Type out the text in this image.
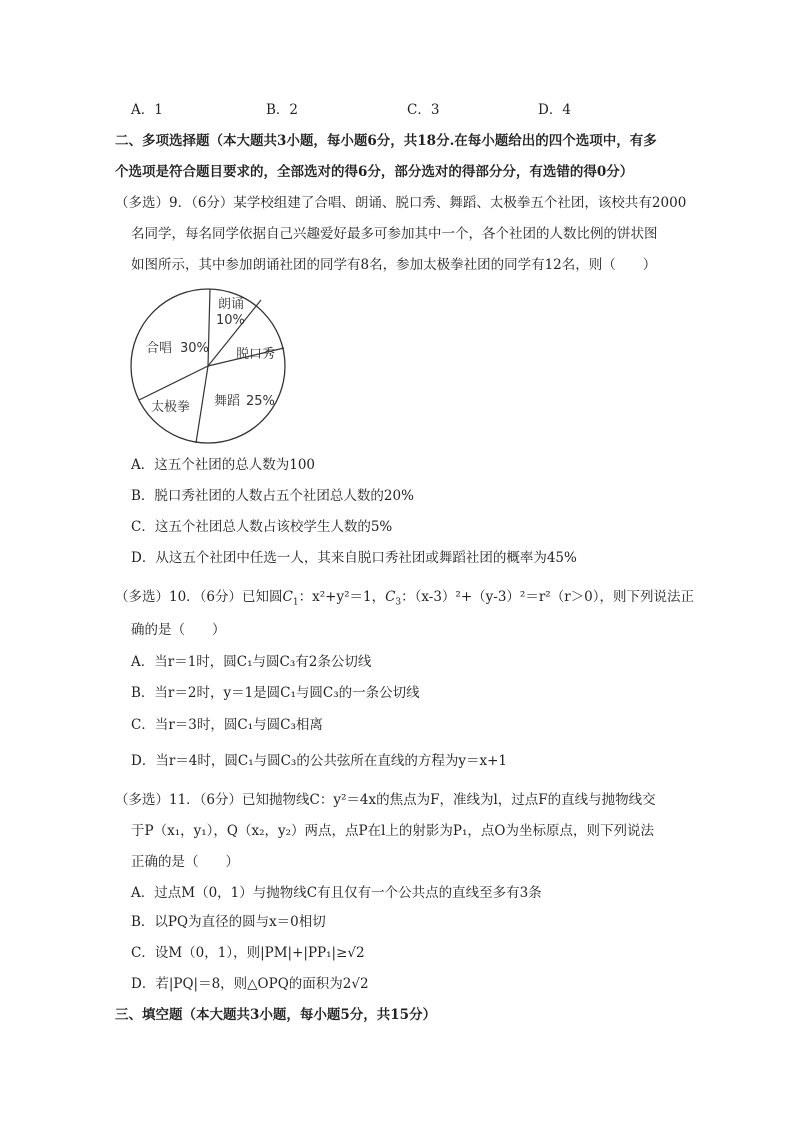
A．1	B．2	C．3	D．4
二、多项选择题（本大题共3小题，每小题6分，共18分.在每小题给出的四个选项中，有多
个选项是符合题目要求的，全部选对的得6分，部分选对的得部分分，有选错的得0分）
（多选）9．（6分）某学校组建了合唱、朗诵、脱口秀、舞蹈、太极拳五个社团，该校共有2000
名同学，每名同学依据自己兴趣爱好最多可参加其中一个，各个社团的人数比例的饼状图
如图所示，其中参加朗诵社团的同学有8名，参加太极拳社团的同学有12名，则（　　）
朗诵
10%
脱口秀
舞蹈 25%
太极拳
合唱 30%
A．这五个社团的总人数为100
B．脱口秀社团的人数占五个社团总人数的20%
C．这五个社团总人数占该校学生人数的5%
D．从这五个社团中任选一人，其来自脱口秀社团或舞蹈社团的概率为45%
（多选）10．（6分）已知圆$C_1$：x²+y²＝1，$C_3$：（x-3）²+（y-3）²＝r²（r＞0），则下列说法正
确的是（　　）
A．当r＝1时，圆C₁与圆C₃有2条公切线
B．当r＝2时，y＝1是圆C₁与圆C₃的一条公切线
C．当r＝3时，圆C₁与圆C₃相离
D．当r＝4时，圆C₁与圆C₃的公共弦所在直线的方程为y＝x+1
（多选）11．（6分）已知抛物线C：y²＝4x的焦点为F，准线为l，过点F的直线与抛物线交
于P（x₁，y₁），Q（x₂，y₂）两点，点P在l上的射影为P₁，点O为坐标原点，则下列说法
正确的是（　　）
A．过点M（0，1）与抛物线C有且仅有一个公共点的直线至多有3条
B．以PQ为直径的圆与x＝0相切
C．设M（0，1），则|PM|+|PP₁|≥√2
D．若|PQ|＝8，则△OPQ的面积为2√2
三、填空题（本大题共3小题，每小题5分，共15分）
